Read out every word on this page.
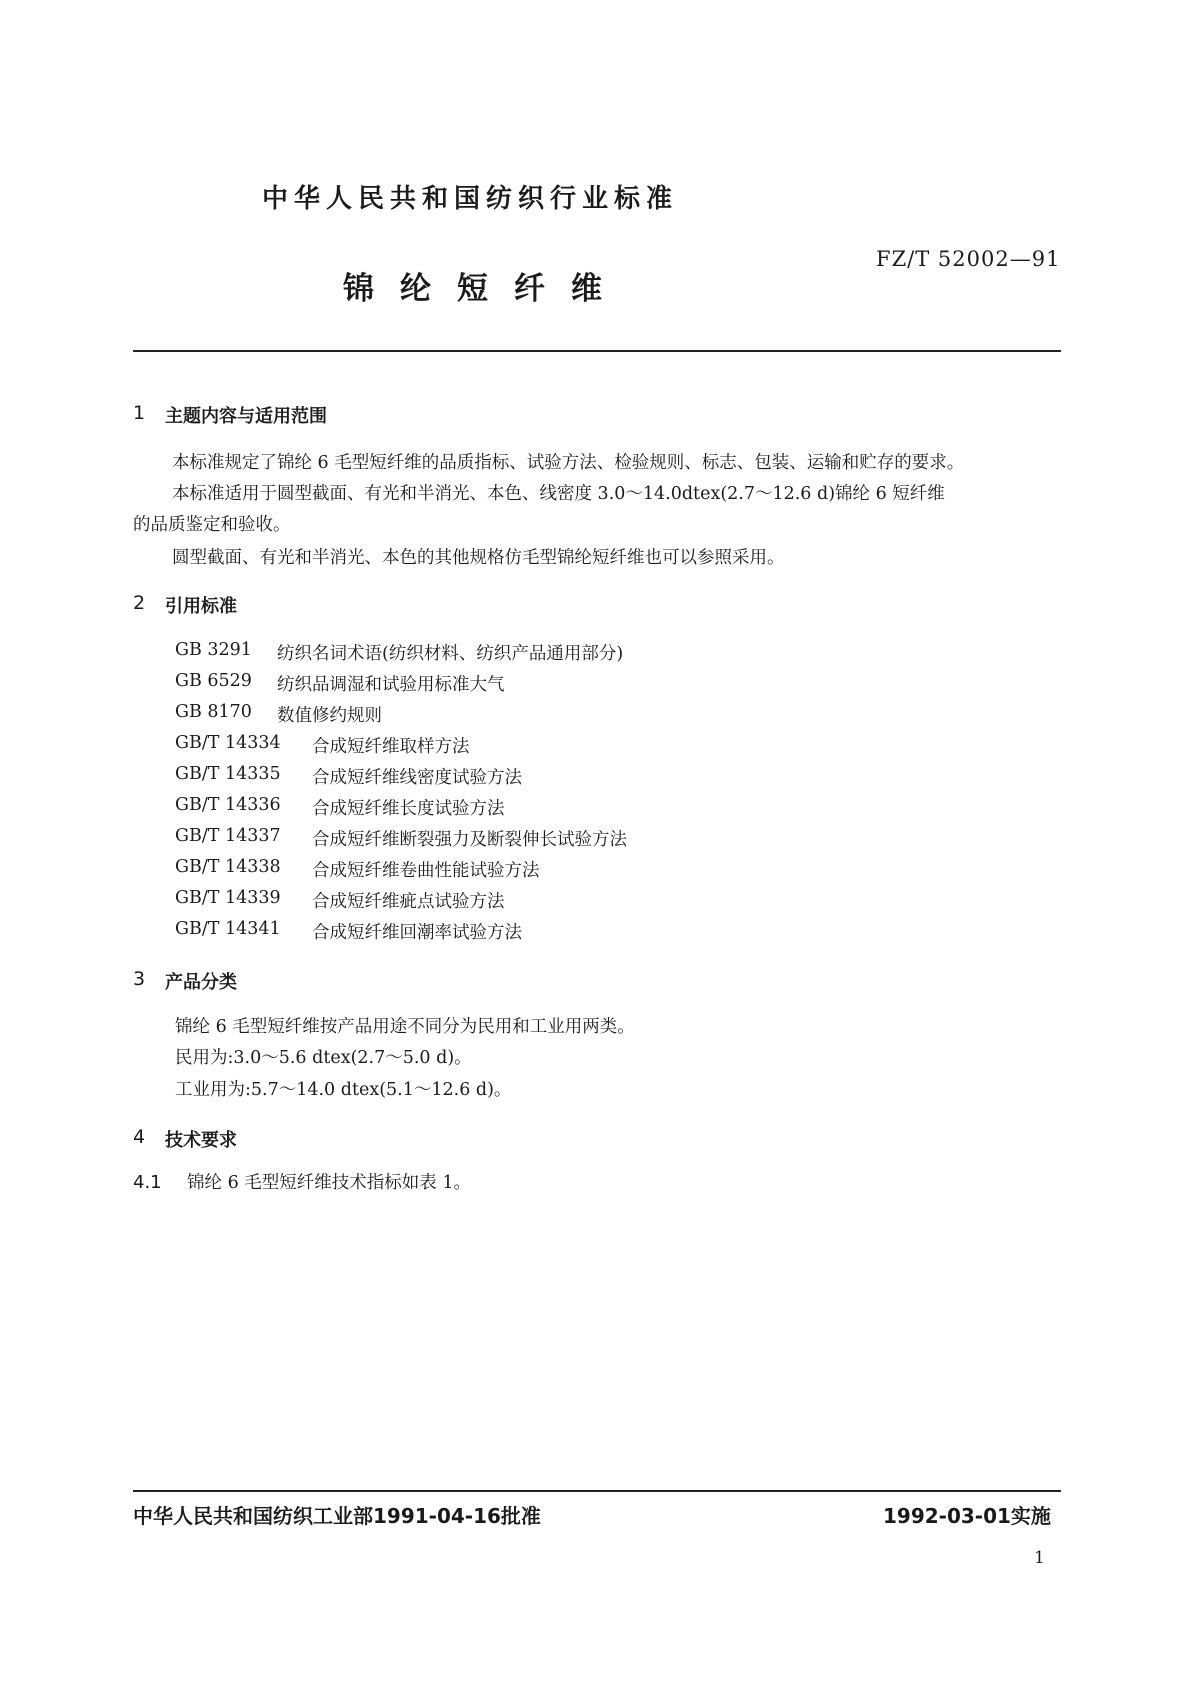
中华人民共和国纺织行业标准
锦纶短纤维
FZ/T 52002—91
1 主题内容与适用范围
本标准规定了锦纶 6 毛型短纤维的品质指标、试验方法、检验规则、标志、包装、运输和贮存的要求。
本标准适用于圆型截面、有光和半消光、本色、线密度 3.0～14.0dtex(2.7～12.6 d)锦纶 6 短纤维
的品质鉴定和验收。
圆型截面、有光和半消光、本色的其他规格仿毛型锦纶短纤维也可以参照采用。
2 引用标准
GB 3291 纺织名词术语(纺织材料、纺织产品通用部分)
GB 6529 纺织品调湿和试验用标准大气
GB 8170 数值修约规则
GB/T 14334 合成短纤维取样方法
GB/T 14335 合成短纤维线密度试验方法
GB/T 14336 合成短纤维长度试验方法
GB/T 14337 合成短纤维断裂强力及断裂伸长试验方法
GB/T 14338 合成短纤维卷曲性能试验方法
GB/T 14339 合成短纤维疵点试验方法
GB/T 14341 合成短纤维回潮率试验方法
3 产品分类
锦纶 6 毛型短纤维按产品用途不同分为民用和工业用两类。
民用为:3.0～5.6 dtex(2.7～5.0 d)。
工业用为:5.7～14.0 dtex(5.1～12.6 d)。
4 技术要求
4.1 锦纶 6 毛型短纤维技术指标如表 1。
中华人民共和国纺织工业部1991-04-16批准	1992-03-01实施
1
